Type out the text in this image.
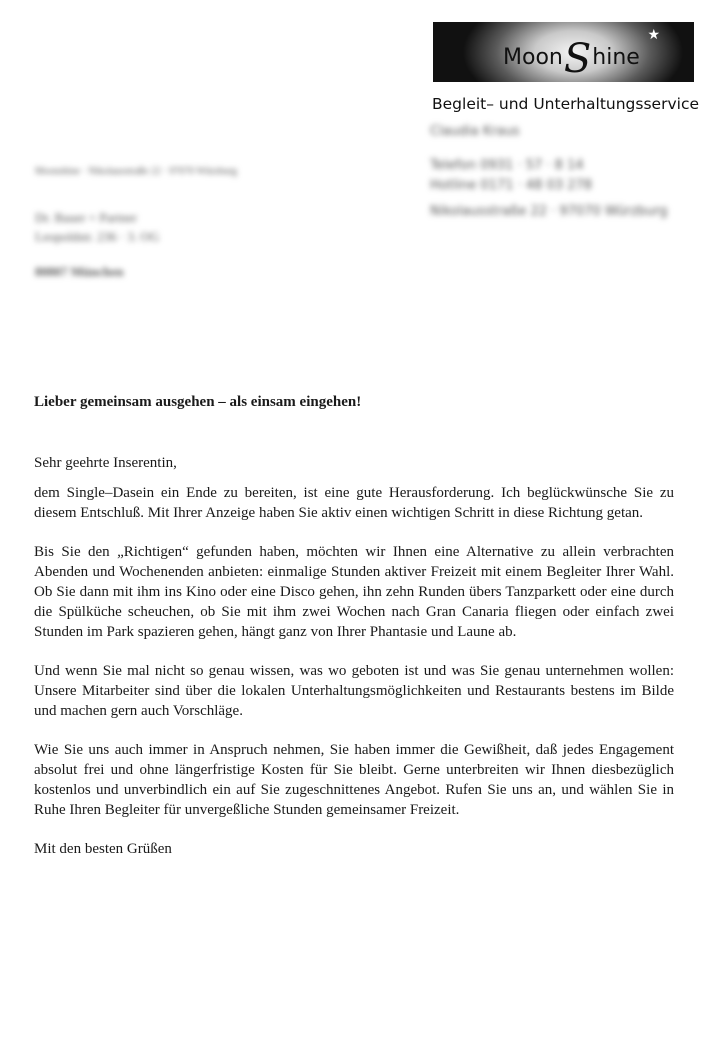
MoonShine
★
Begleit– und Unterhaltungsservice
Claudia Kraus
Telefon 0931 · 57 · 8 14
Hotline 0171 · 48 03 278
Nikolausstraße 22 · 97070 Würzburg
Moonshine · Nikolausstraße 22 · 97070 Würzburg
Dr. Bauer + Partner
Leopoldstr. 236 · 3. OG
80807 München
Lieber gemeinsam ausgehen – als einsam eingehen!

Sehr geehrte Inserentin,

dem Single–Dasein ein Ende zu bereiten, ist eine gute Herausforderung. Ich beglückwünsche Sie zu diesem Entschluß. Mit Ihrer Anzeige haben Sie aktiv einen wichtigen Schritt in diese Richtung getan.

Bis Sie den „Richtigen“ gefunden haben, möchten wir Ihnen eine Alternative zu allein verbrachten Abenden und Wochenenden anbieten: einmalige Stunden aktiver Freizeit mit einem Begleiter Ihrer Wahl. Ob Sie dann mit ihm ins Kino oder eine Disco gehen, ihn zehn Runden übers Tanzparkett oder eine durch die Spülküche scheuchen, ob Sie mit ihm zwei Wochen nach Gran Canaria fliegen oder einfach zwei Stunden im Park spazieren gehen, hängt ganz von Ihrer Phantasie und Laune ab.

Und wenn Sie mal nicht so genau wissen, was wo geboten ist und was Sie genau unternehmen wollen: Unsere Mitarbeiter sind über die lokalen Unterhaltungsmöglichkeiten und Restaurants bestens im Bilde und machen gern auch Vorschläge.

Wie Sie uns auch immer in Anspruch nehmen, Sie haben immer die Gewißheit, daß jedes Engagement absolut frei und ohne längerfristige Kosten für Sie bleibt. Gerne unterbreiten wir Ihnen diesbezüglich kostenlos und unverbindlich ein auf Sie zugeschnittenes Angebot. Rufen Sie uns an, und wählen Sie in Ruhe Ihren Begleiter für unvergeßliche Stunden gemeinsamer Freizeit.

Mit den besten Grüßen
